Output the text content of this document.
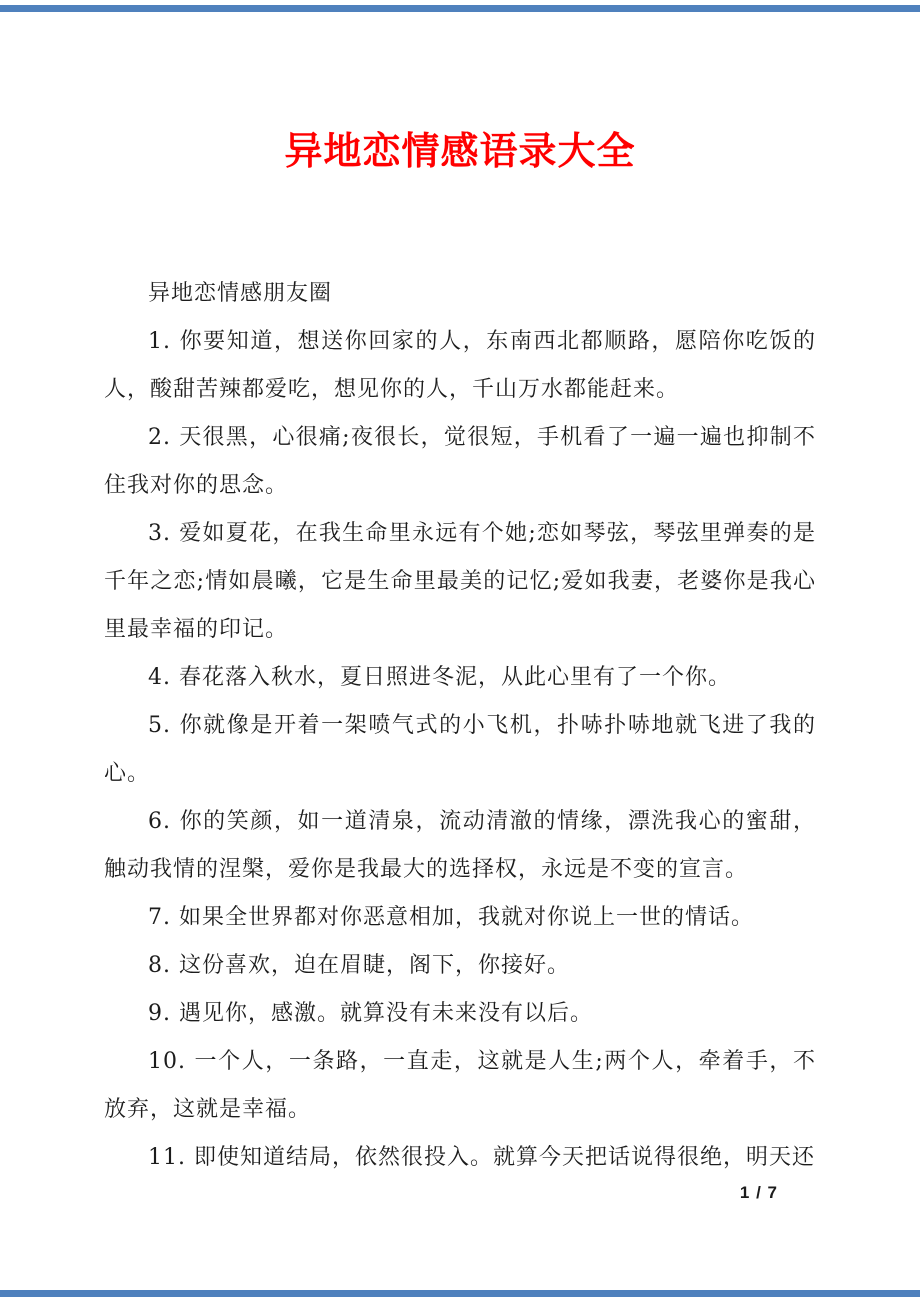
异地恋情感语录大全

异地恋情感朋友圈

1. 你要知道，想送你回家的人，东南西北都顺路，愿陪你吃饭的人，酸甜苦辣都爱吃，想见你的人，千山万水都能赶来。

2. 天很黑，心很痛;夜很长，觉很短，手机看了一遍一遍也抑制不住我对你的思念。

3. 爱如夏花，在我生命里永远有个她;恋如琴弦，琴弦里弹奏的是千年之恋;情如晨曦，它是生命里最美的记忆;爱如我妻，老婆你是我心里最幸福的印记。

4. 春花落入秋水，夏日照进冬泥，从此心里有了一个你。

5. 你就像是开着一架喷气式的小飞机，扑哧扑哧地就飞进了我的心。

6. 你的笑颜，如一道清泉，流动清澈的情缘，漂洗我心的蜜甜，触动我情的涅槃，爱你是我最大的选择权，永远是不变的宣言。

7. 如果全世界都对你恶意相加，我就对你说上一世的情话。

8. 这份喜欢，迫在眉睫，阁下，你接好。

9. 遇见你，感激。就算没有未来没有以后。

10. 一个人，一条路，一直走，这就是人生;两个人，牵着手，不放弃，这就是幸福。

11. 即使知道结局，依然很投入。就算今天把话说得很绝，明天还

1 / 7
